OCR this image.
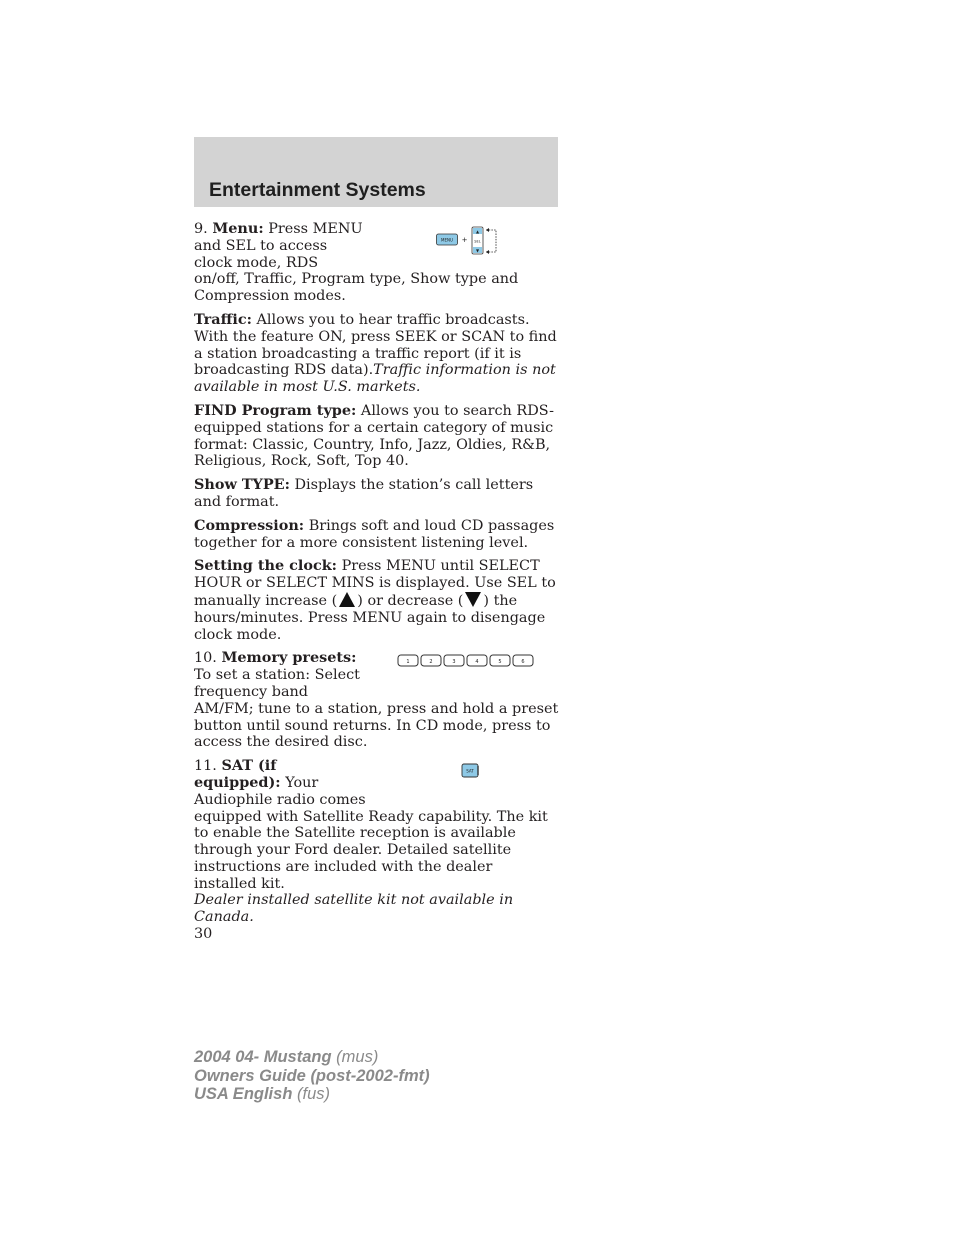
Entertainment Systems
9. Menu: Press MENU
and SEL to access
clock mode, RDS
on/off, Traffic, Program type, Show type and
Compression modes.
MENU +
▲
SEL
▼
Traffic: Allows you to hear traffic broadcasts. With the feature ON, press SEEK or SCAN to find a station broadcasting a traffic report (if it is broadcasting RDS data).Traffic information is not available in most U.S. markets.
FIND Program type: Allows you to search RDS-equipped stations for a certain category of music format: Classic, Country, Info, Jazz, Oldies, R&B, Religious, Rock, Soft, Top 40.
Show TYPE: Displays the station’s call letters and format.
Compression: Brings soft and loud CD passages together for a more consistent listening level.
Setting the clock: Press MENU until SELECT HOUR or SELECT MINS is displayed. Use SEL to manually increase ( ) or decrease ( ) the hours/minutes. Press MENU again to disengage clock mode.
10. Memory presets:
To set a station: Select
frequency band
AM/FM; tune to a station, press and hold a preset button until sound returns. In CD mode, press to access the desired disc.
1	2	3	4	5	6
11. SAT (if
equipped): Your
Audiophile radio comes
equipped with Satellite Ready capability. The kit to enable the Satellite reception is available through your Ford dealer. Detailed satellite instructions are included with the dealer installed kit.
Dealer installed satellite kit not available in Canada.
SAT
30
2004 04- Mustang (mus)
Owners Guide (post-2002-fmt)
USA English (fus)
